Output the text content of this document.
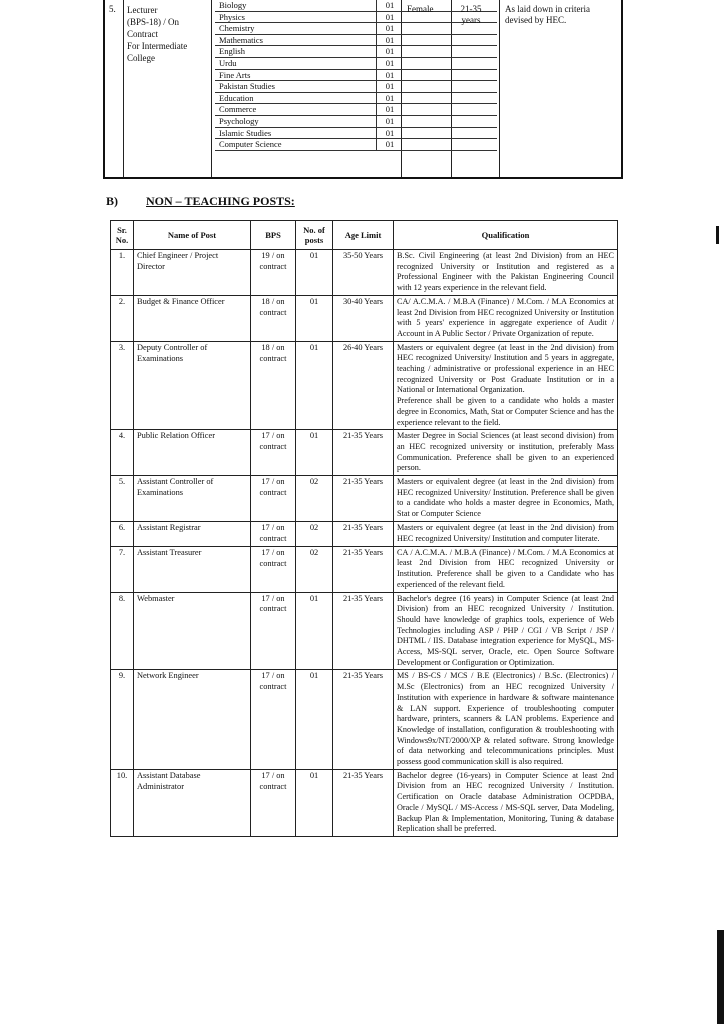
5. Lecturer
(BPS-18) / On
Contract
For Intermediate
College
Biology	01
Physics	01
Chemistry	01
Mathematics	01
English	01
Urdu	01
Fine Arts	01
Pakistan Studies	01
Education	01
Commerce	01
Psychology	01
Islamic Studies	01
Computer Science	01
Female	21-35
years
As laid down in criteria devised by HEC.
B) NON – TEACHING POSTS:
Sr. No.	Name of Post	BPS	No. of posts	Age Limit	Qualification
1.	Chief Engineer / Project Director	19 / on contract	01	35-50 Years	B.Sc. Civil Engineering (at least 2nd Division) from an HEC recognized University or Institution and registered as a Professional Engineer with the Pakistan Engineering Council with 12 years experience in the relevant field.

2.	Budget & Finance Officer	18 / on contract	01	30-40 Years	CA/ A.C.M.A. / M.B.A (Finance) / M.Com. / M.A Economics at least 2nd Division from HEC recognized University or Institution with 5 years' experience in aggregate experience of Audit / Account in A Public Sector / Private Organization of repute.

3.	Deputy Controller of Examinations	18 / on contract	01	26-40 Years	Masters or equivalent degree (at least in the 2nd division) from HEC recognized University/ Institution and 5 years in aggregate, teaching / administrative or professional experience in an HEC recognized University or Post Graduate Institution or in a National or International Organization.
Preference shall be given to a candidate who holds a master degree in Economics, Math, Stat or Computer Science and has the experience relevant to the field.

4.	Public Relation Officer	17 / on contract	01	21-35 Years	Master Degree in Social Sciences (at least second division) from an HEC recognized university or institution, preferably Mass Communication. Preference shall be given to an experienced person.

5.	Assistant Controller of Examinations	17 / on contract	02	21-35 Years	Masters or equivalent degree (at least in the 2nd division) from HEC recognized University/ Institution. Preference shall be given to a candidate who holds a master degree in Economics, Math, Stat or Computer Science

6.	Assistant Registrar	17 / on contract	02	21-35 Years	Masters or equivalent degree (at least in the 2nd division) from HEC recognized University/ Institution and computer literate.

7.	Assistant Treasurer	17 / on contract	02	21-35 Years	CA / A.C.M.A. / M.B.A (Finance) / M.Com. / M.A Economics at least 2nd Division from HEC recognized University or Institution. Preference shall be given to a Candidate who has experienced of the relevant field.

8.	Webmaster	17 / on contract	01	21-35 Years	Bachelor's degree (16 years) in Computer Science (at least 2nd Division) from an HEC recognized University / Institution. Should have knowledge of graphics tools, experience of Web Technologies including ASP / PHP / CGI / VB Script / JSP / DHTML / IIS. Database integration experience for MySQL, MS-Access, MS-SQL server, Oracle, etc. Open Source Software Development or Configuration or Optimization.

9.	Network Engineer	17 / on contract	01	21-35 Years	MS / BS-CS / MCS / B.E (Electronics) / B.Sc. (Electronics) / M.Sc (Electronics) from an HEC recognized University / Institution with experience in hardware & software maintenance & LAN support. Experience of troubleshooting computer hardware, printers, scanners & LAN problems. Experience and Knowledge of installation, configuration & troubleshooting with Windows9x/NT/2000/XP & related software. Strong knowledge of data networking and telecommunications principles. Must possess good communication skill is also required.

10.	Assistant Database Administrator	17 / on contract	01	21-35 Years	Bachelor degree (16-years) in Computer Science at least 2nd Division from an HEC recognized University / Institution. Certification on Oracle database Administration OCPDBA, Oracle / MySQL / MS-Access / MS-SQL server, Data Modeling, Backup Plan & Implementation, Monitoring, Tuning & database Replication shall be preferred.
